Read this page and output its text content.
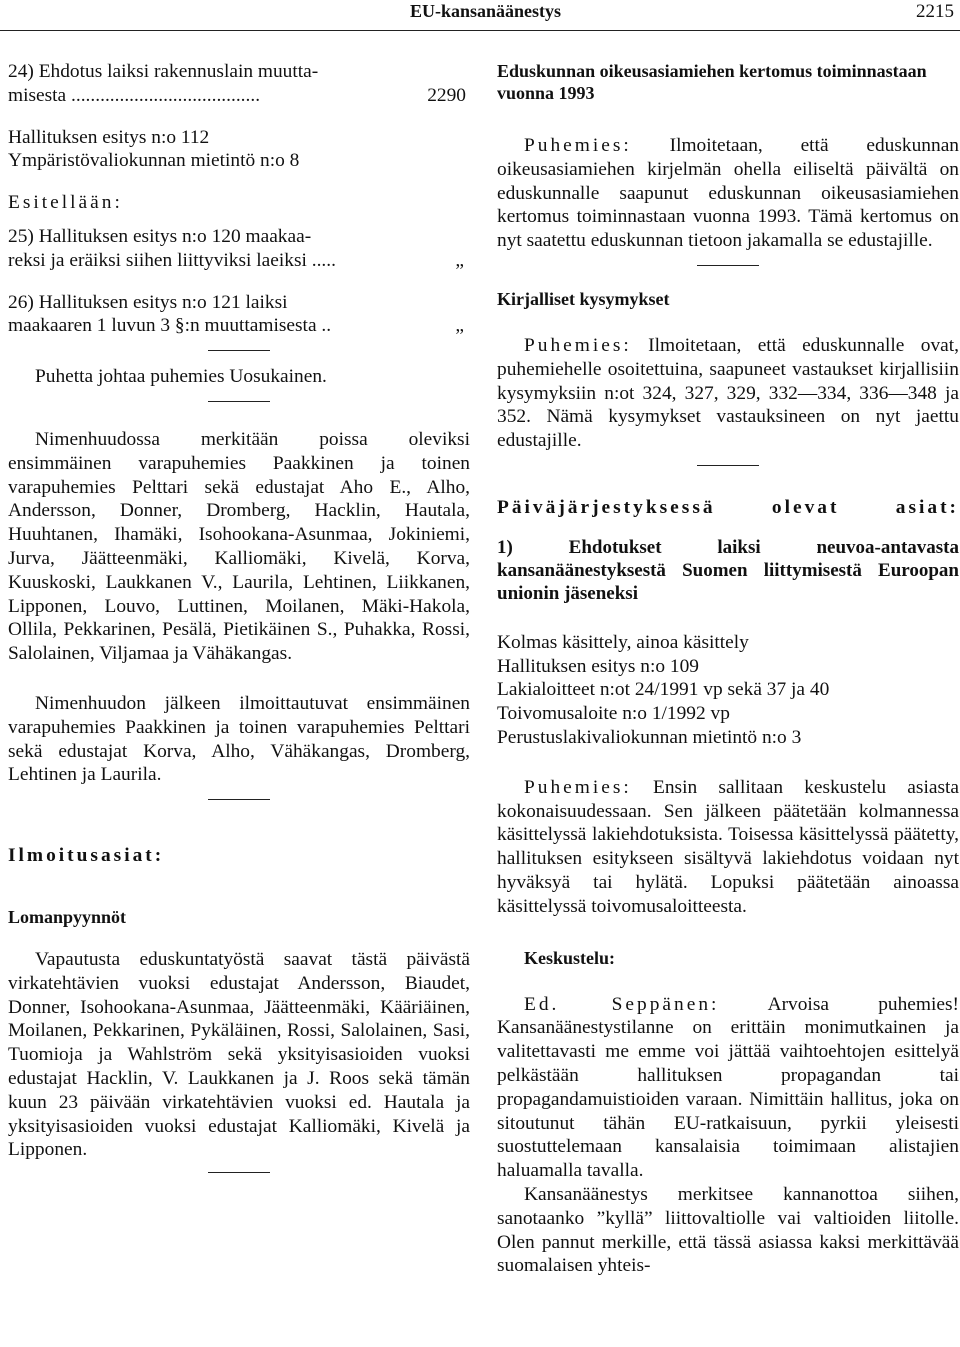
EU-kansanäänestys	2215

24) Ehdotus laiksi rakennuslain muutta-

misesta .......................................	2290

Hallituksen esitys n:o 112

Ympäristövaliokunnan mietintö n:o 8

Esitellään:

25) Hallituksen esitys n:o 120 maakaa-

reksi ja eräiksi siihen liittyviksi laeiksi .....	„

26) Hallituksen esitys n:o 121 laiksi

maakaaren 1 luvun 3 §:n muuttamisesta ..	„

Puhetta johtaa puhemies Uosukainen.

Nimenhuudossa merkitään poissa oleviksi ensimmäinen varapuhemies Paakkinen ja toinen varapuhemies Pelttari sekä edustajat Aho E., Alho, Andersson, Donner, Dromberg, Hacklin, Hautala, Huuhtanen, Ihamäki, Isohookana-Asunmaa, Jokiniemi, Jurva, Jäätteenmäki, Kalliomäki, Kivelä, Korva, Kuuskoski, Laukkanen V., Laurila, Lehtinen, Liikkanen, Lipponen, Louvo, Luttinen, Moilanen, Mäki-Hakola, Ollila, Pekkarinen, Pesälä, Pietikäinen S., Puhakka, Rossi, Salolainen, Viljamaa ja Vähäkangas.

Nimenhuudon jälkeen ilmoittautuvat ensimmäinen varapuhemies Paakkinen ja toinen varapuhemies Pelttari sekä edustajat Korva, Alho, Vähäkangas, Dromberg, Lehtinen ja Laurila.

Ilmoitusasiat:

Lomanpyynnöt

Vapautusta eduskuntatyöstä saavat tästä päivästä virkatehtävien vuoksi edustajat Andersson, Biaudet, Donner, Isohookana-Asunmaa, Jäätteenmäki, Kääriäinen, Moilanen, Pekkarinen, Pykäläinen, Rossi, Salolainen, Sasi, Tuomioja ja Wahlström sekä yksityisasioiden vuoksi edustajat Hacklin, V. Laukkanen ja J. Roos sekä tämän kuun 23 päivään virkatehtävien vuoksi ed. Hautala ja yksityisasioiden vuoksi edustajat Kalliomäki, Kivelä ja Lipponen.

Eduskunnan oikeusasiamiehen kertomus toiminnastaan vuonna 1993

Puhemies: Ilmoitetaan, että eduskunnan oikeusasiamiehen kirjelmän ohella eiliseltä päivältä on eduskunnalle saapunut eduskunnan oikeusasiamiehen kertomus toiminnastaan vuonna 1993. Tämä kertomus on nyt saatettu eduskunnan tietoon jakamalla se edustajille.

Kirjalliset kysymykset

Puhemies: Ilmoitetaan, että eduskunnalle ovat, puhemiehelle osoitettuina, saapuneet vastaukset kirjallisiin kysymyksiin n:ot 324, 327, 329, 332—334, 336—348 ja 352. Nämä kysymykset vastauksineen on nyt jaettu edustajille.

Päiväjärjestyksessä olevat asiat:

1) Ehdotukset laiksi neuvoa-antavasta kansanäänestyksestä Suomen liittymisestä Euroopan unionin jäseneksi

Kolmas käsittely, ainoa käsittely

Hallituksen esitys n:o 109

Lakialoitteet n:ot 24/1991 vp sekä 37 ja 40

Toivomusaloite n:o 1/1992 vp

Perustuslakivaliokunnan mietintö n:o 3

Puhemies: Ensin sallitaan keskustelu asiasta kokonaisuudessaan. Sen jälkeen päätetään kolmannessa käsittelyssä lakiehdotuksista. Toisessa käsittelyssä päätetty, hallituksen esitykseen sisältyvä lakiehdotus voidaan nyt hyväksyä tai hylätä. Lopuksi päätetään ainoassa käsittelyssä toivomusaloitteesta.

Keskustelu:

Ed. Seppänen: Arvoisa puhemies! Kansanäänestystilanne on erittäin monimutkainen ja valitettavasti me emme voi jättää vaihtoehtojen esittelyä pelkästään hallituksen propagandan tai propagandamuistioiden varaan. Nimittäin hallitus, joka on sitoutunut tähän EU-ratkaisuun, pyrkii yleisesti suostuttelemaan kansalaisia toimimaan alistajien haluamalla tavalla.

Kansanäänestys merkitsee kannanottoa siihen, sanotaanko ”kyllä” liittovaltiolle vai valtioiden liitolle. Olen pannut merkille, että tässä asiassa kaksi merkittävää suomalaisen yhteis-
